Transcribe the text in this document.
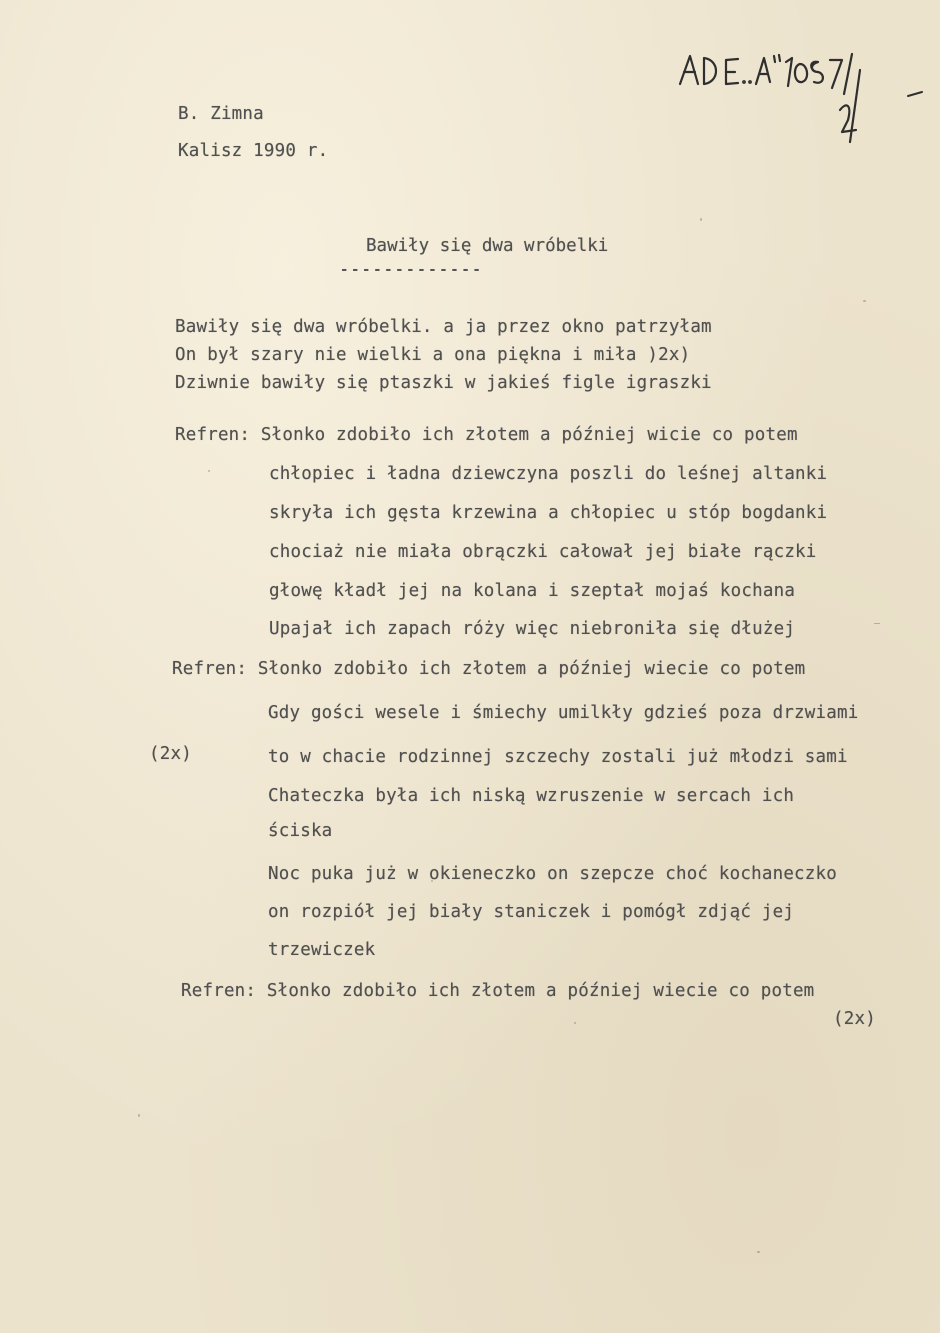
B. Zimna
Kalisz 1990 r.
Bawiły się dwa wróbelki
-------------
Bawiły się dwa wróbelki. a ja przez okno patrzyłam
On był szary nie wielki a ona piękna i miła )2x)
Dziwnie bawiły się ptaszki w jakieś figle igraszki
Refren: Słonko zdobiło ich złotem a później wicie co potem
chłopiec i ładna dziewczyna poszli do leśnej altanki
skryła ich gęsta krzewina a chłopiec u stóp bogdanki
chociaż nie miała obrączki całował jej białe rączki
głowę kładł jej na kolana i szeptał mojaś kochana
Upajał ich zapach róży więc niebroniła się dłużej
Refren: Słonko zdobiło ich złotem a później wiecie co potem
Gdy gości wesele i śmiechy umilkły gdzieś poza drzwiami
(2x)	to w chacie rodzinnej szczechy zostali już młodzi sami
Chateczka była ich niską wzruszenie w sercach ich
ściska
Noc puka już w okieneczko on szepcze choć kochaneczko
on rozpiół jej biały staniczek i pomógł zdjąć jej
trzewiczek
Refren: Słonko zdobiło ich złotem a później wiecie co potem
(2x)
